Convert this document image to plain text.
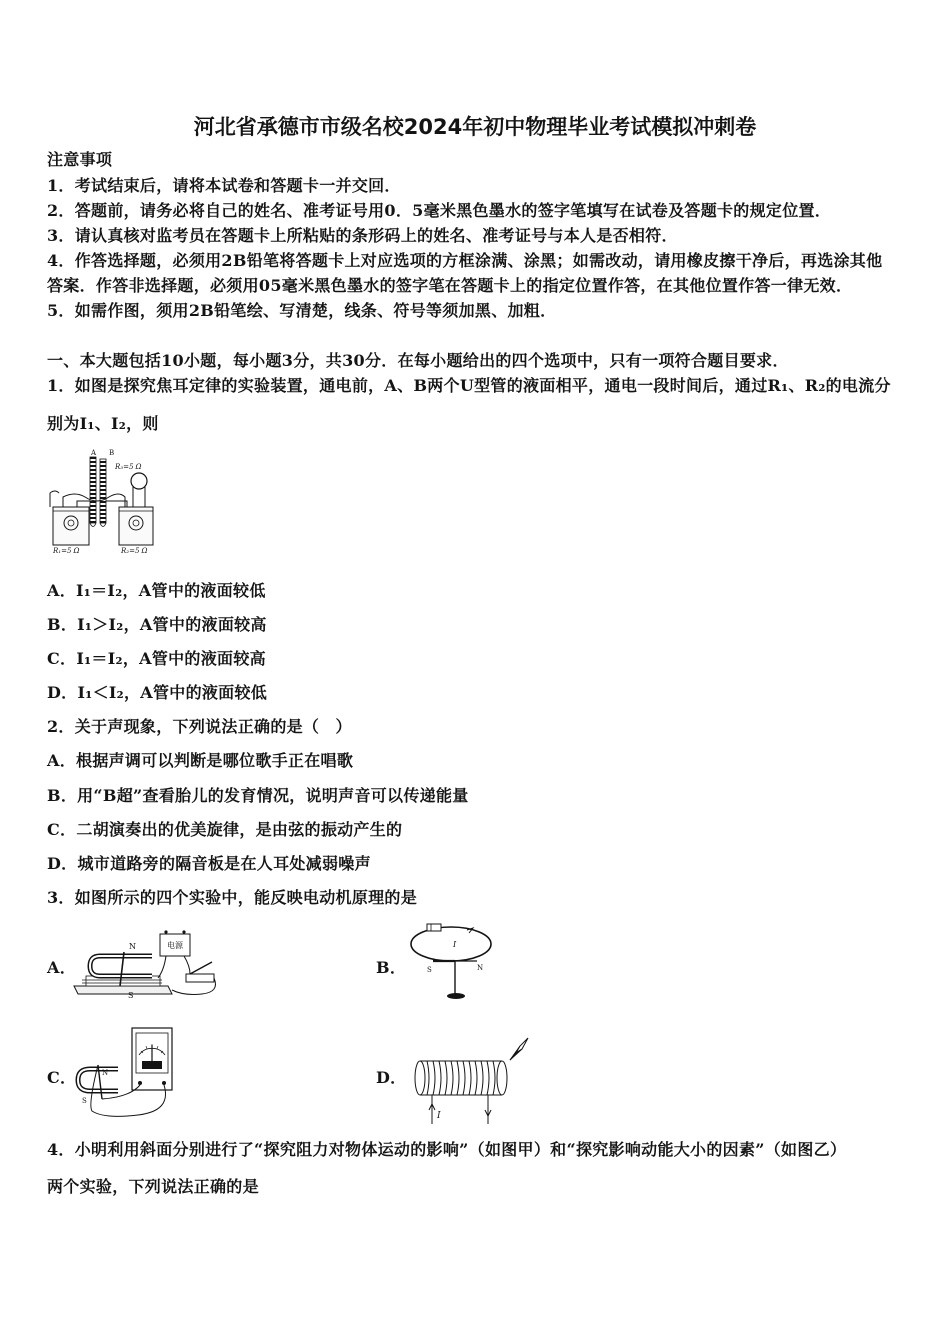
河北省承德市市级名校2024年初中物理毕业考试模拟冲刺卷
注意事项
1．考试结束后，请将本试卷和答题卡一并交回．
2．答题前，请务必将自己的姓名、准考证号用0．5毫米黑色墨水的签字笔填写在试卷及答题卡的规定位置．
3．请认真核对监考员在答题卡上所粘贴的条形码上的姓名、准考证号与本人是否相符．
4．作答选择题，必须用2B铅笔将答题卡上对应选项的方框涂满、涂黑；如需改动，请用橡皮擦干净后，再选涂其他
答案．作答非选择题，必须用05毫米黑色墨水的签字笔在答题卡上的指定位置作答，在其他位置作答一律无效．
5．如需作图，须用2B铅笔绘、写清楚，线条、符号等须加黑、加粗．
一、本大题包括10小题，每小题3分，共30分．在每小题给出的四个选项中，只有一项符合题目要求．
1．如图是探究焦耳定律的实验装置，通电前，A、B两个U型管的液面相平，通电一段时间后，通过R₁、R₂的电流分
别为I₁、I₂，则
A B
R₃=5 Ω
R₁=5 Ω	R₂=5 Ω
A．I₁＝I₂，A管中的液面较低
B．I₁＞I₂，A管中的液面较高
C．I₁＝I₂，A管中的液面较高
D．I₁＜I₂，A管中的液面较低
2．关于声现象，下列说法正确的是（　）
A．根据声调可以判断是哪位歌手正在唱歌
B．用“B超”查看胎儿的发育情况，说明声音可以传递能量
C．二胡演奏出的优美旋律，是由弦的振动产生的
D．城市道路旁的隔音板是在人耳处减弱噪声
3．如图所示的四个实验中，能反映电动机原理的是
A．
电源
N
S
B．
I
S	N
C．	N
S
D．
I
4．小明利用斜面分别进行了“探究阻力对物体运动的影响”（如图甲）和“探究影响动能大小的因素”（如图乙）
两个实验，下列说法正确的是
